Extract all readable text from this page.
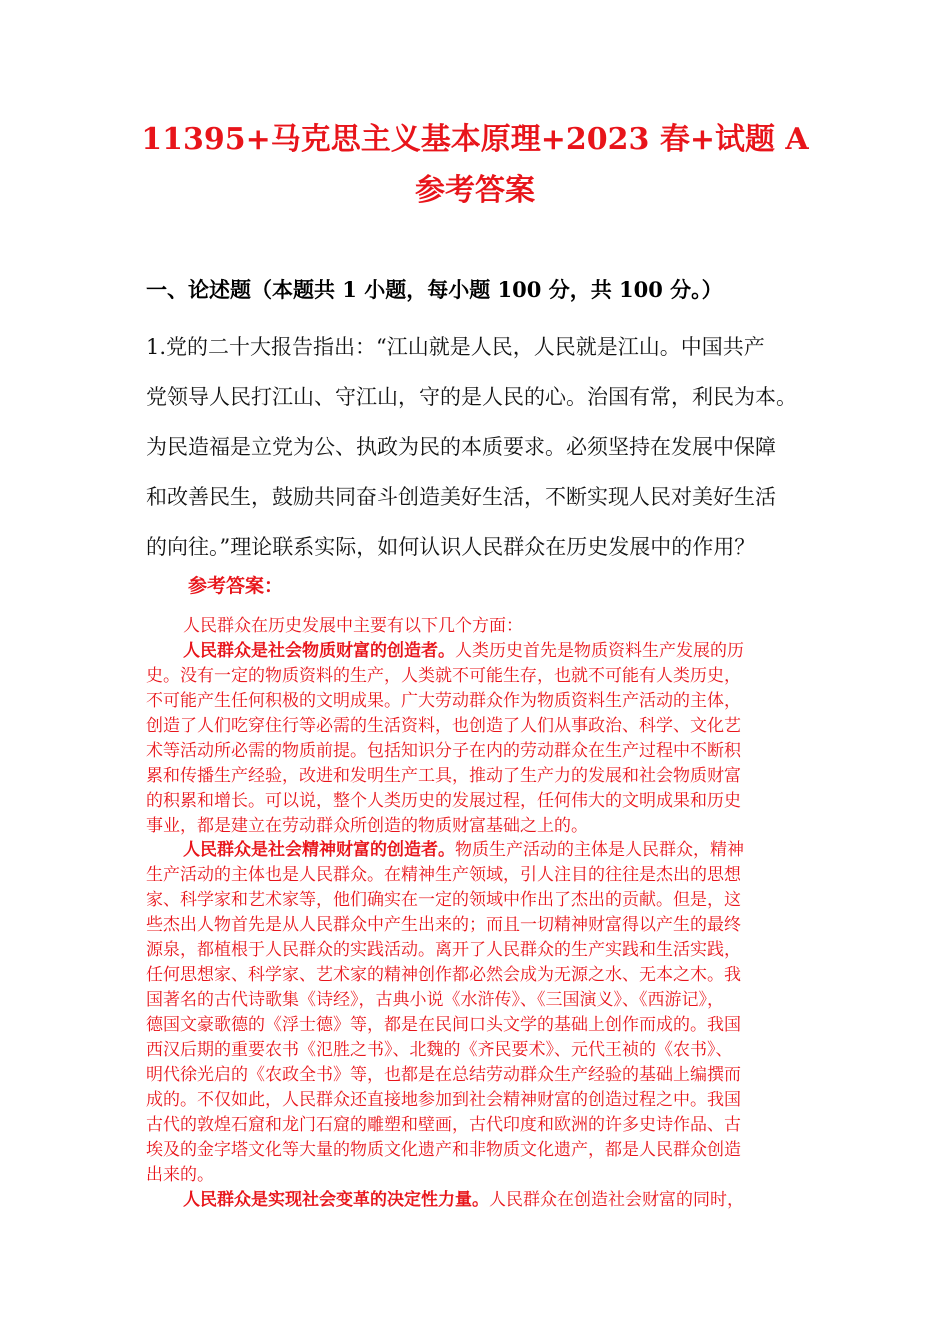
11395+马克思主义基本原理+2023 春+试题 A
参考答案
一、论述题（本题共 1 小题，每小题 100 分，共 100 分。）
1.党的二十大报告指出：“江山就是人民，人民就是江山。中国共产
党领导人民打江山、守江山，守的是人民的心。治国有常，利民为本。
为民造福是立党为公、执政为民的本质要求。必须坚持在发展中保障
和改善民生，鼓励共同奋斗创造美好生活，不断实现人民对美好生活
的向往。”理论联系实际，如何认识人民群众在历史发展中的作用？
参考答案：
人民群众在历史发展中主要有以下几个方面：
人民群众是社会物质财富的创造者。人类历史首先是物质资料生产发展的历
史。没有一定的物质资料的生产，人类就不可能生存，也就不可能有人类历史，
不可能产生任何积极的文明成果。广大劳动群众作为物质资料生产活动的主体，
创造了人们吃穿住行等必需的生活资料，也创造了人们从事政治、科学、文化艺
术等活动所必需的物质前提。包括知识分子在内的劳动群众在生产过程中不断积
累和传播生产经验，改进和发明生产工具，推动了生产力的发展和社会物质财富
的积累和增长。可以说，整个人类历史的发展过程，任何伟大的文明成果和历史
事业，都是建立在劳动群众所创造的物质财富基础之上的。
人民群众是社会精神财富的创造者。物质生产活动的主体是人民群众，精神
生产活动的主体也是人民群众。在精神生产领域，引人注目的往往是杰出的思想
家、科学家和艺术家等，他们确实在一定的领域中作出了杰出的贡献。但是，这
些杰出人物首先是从人民群众中产生出来的；而且一切精神财富得以产生的最终
源泉，都植根于人民群众的实践活动。离开了人民群众的生产实践和生活实践，
任何思想家、科学家、艺术家的精神创作都必然会成为无源之水、无本之木。我
国著名的古代诗歌集《诗经》，古典小说《水浒传》、《三国演义》、《西游记》，
德国文豪歌德的《浮士德》等，都是在民间口头文学的基础上创作而成的。我国
西汉后期的重要农书《氾胜之书》、北魏的《齐民要术》、元代王祯的《农书》、
明代徐光启的《农政全书》等，也都是在总结劳动群众生产经验的基础上编撰而
成的。不仅如此，人民群众还直接地参加到社会精神财富的创造过程之中。我国
古代的敦煌石窟和龙门石窟的雕塑和壁画，古代印度和欧洲的许多史诗作品、古
埃及的金字塔文化等大量的物质文化遗产和非物质文化遗产，都是人民群众创造
出来的。
人民群众是实现社会变革的决定性力量。人民群众在创造社会财富的同时，
